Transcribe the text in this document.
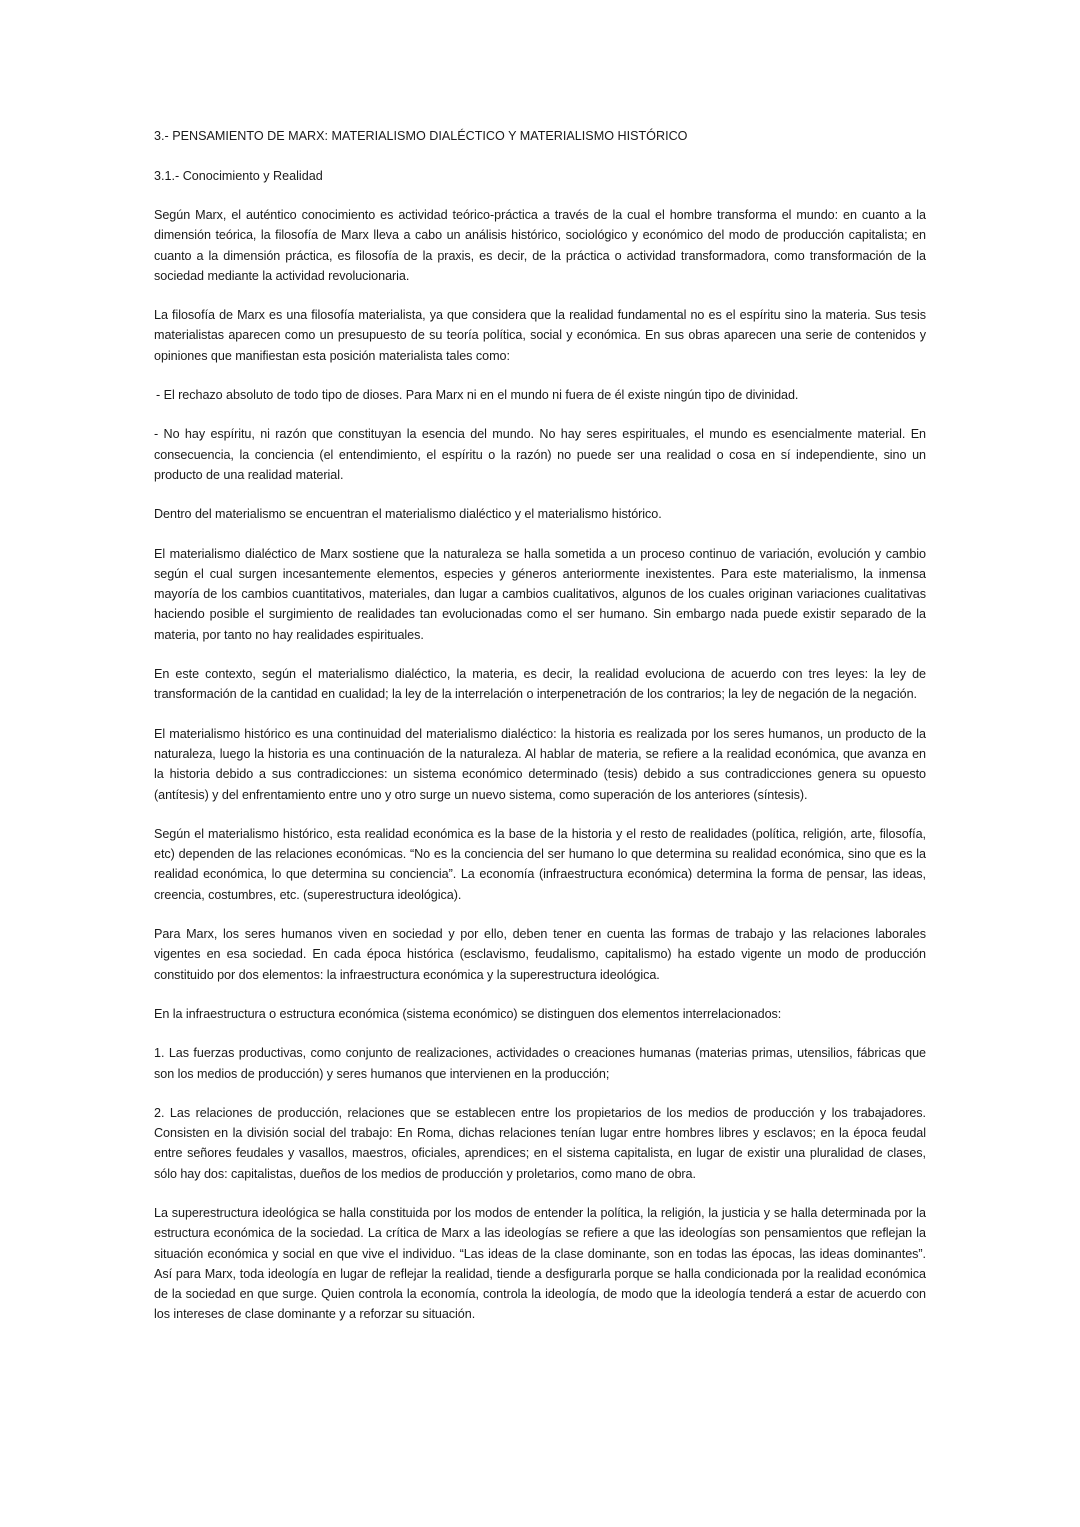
3.- PENSAMIENTO DE MARX: MATERIALISMO DIALÉCTICO Y MATERIALISMO HISTÓRICO
3.1.- Conocimiento y Realidad

Según Marx, el auténtico conocimiento es actividad teórico-práctica a través de la cual el hombre transforma el mundo: en cuanto a la dimensión teórica, la filosofía de Marx lleva a cabo un análisis histórico, sociológico y económico del modo de producción capitalista; en cuanto a la dimensión práctica, es filosofía de la praxis, es decir, de la práctica o actividad transformadora, como transformación de la sociedad mediante la actividad revolucionaria.

La filosofía de Marx es una filosofía materialista, ya que considera que la realidad fundamental no es el espíritu sino la materia. Sus tesis materialistas aparecen como un presupuesto de su teoría política, social y económica. En sus obras aparecen una serie de contenidos y opiniones que manifiestan esta posición materialista tales como:

- El rechazo absoluto de todo tipo de dioses. Para Marx ni en el mundo ni fuera de él existe ningún tipo de divinidad.

- No hay espíritu, ni razón que constituyan la esencia del mundo. No hay seres espirituales, el mundo es esencialmente material. En consecuencia, la conciencia (el entendimiento, el espíritu o la razón) no puede ser una realidad o cosa en sí independiente, sino un producto de una realidad material.

Dentro del materialismo se encuentran el materialismo dialéctico y el materialismo histórico.

El materialismo dialéctico de Marx sostiene que la naturaleza se halla sometida a un proceso continuo de variación, evolución y cambio según el cual surgen incesantemente elementos, especies y géneros anteriormente inexistentes. Para este materialismo, la inmensa mayoría de los cambios cuantitativos, materiales, dan lugar a cambios cualitativos, algunos de los cuales originan variaciones cualitativas haciendo posible el surgimiento de realidades tan evolucionadas como el ser humano. Sin embargo nada puede existir separado de la materia, por tanto no hay realidades espirituales.

En este contexto, según el materialismo dialéctico, la materia, es decir, la realidad evoluciona de acuerdo con tres leyes: la ley de transformación de la cantidad en cualidad; la ley de la interrelación o interpenetración de los contrarios; la ley de negación de la negación.

El materialismo histórico es una continuidad del materialismo dialéctico: la historia es realizada por los seres humanos, un producto de la naturaleza, luego la historia es una continuación de la naturaleza. Al hablar de materia, se refiere a la realidad económica, que avanza en la historia debido a sus contradicciones: un sistema económico determinado (tesis) debido a sus contradicciones genera su opuesto (antítesis) y del enfrentamiento entre uno y otro surge un nuevo sistema, como superación de los anteriores (síntesis).

Según el materialismo histórico, esta realidad económica es la base de la historia y el resto de realidades (política, religión, arte, filosofía, etc) dependen de las relaciones económicas. “No es la conciencia del ser humano lo que determina su realidad económica, sino que es la realidad económica, lo que determina su conciencia”. La economía (infraestructura económica) determina la forma de pensar, las ideas, creencia, costumbres, etc. (superestructura ideológica).

Para Marx, los seres humanos viven en sociedad y por ello, deben tener en cuenta las formas de trabajo y las relaciones laborales vigentes en esa sociedad. En cada época histórica (esclavismo, feudalismo, capitalismo) ha estado vigente un modo de producción constituido por dos elementos: la infraestructura económica y la superestructura ideológica.

En la infraestructura o estructura económica (sistema económico) se distinguen dos elementos interrelacionados:

1. Las fuerzas productivas, como conjunto de realizaciones, actividades o creaciones humanas (materias primas, utensilios, fábricas que son los medios de producción) y seres humanos que intervienen en la producción;

2. Las relaciones de producción, relaciones que se establecen entre los propietarios de los medios de producción y los trabajadores. Consisten en la división social del trabajo: En Roma, dichas relaciones tenían lugar entre hombres libres y esclavos; en la época feudal entre señores feudales y vasallos, maestros, oficiales, aprendices; en el sistema capitalista, en lugar de existir una pluralidad de clases, sólo hay dos: capitalistas, dueños de los medios de producción y proletarios, como mano de obra.

La superestructura ideológica se halla constituida por los modos de entender la política, la religión, la justicia y se halla determinada por la estructura económica de la sociedad. La crítica de Marx a las ideologías se refiere a que las ideologías son pensamientos que reflejan la situación económica y social en que vive el individuo. “Las ideas de la clase dominante, son en todas las épocas, las ideas dominantes”. Así para Marx, toda ideología en lugar de reflejar la realidad, tiende a desfigurarla porque se halla condicionada por la realidad económica de la sociedad en que surge. Quien controla la economía, controla la ideología, de modo que la ideología tenderá a estar de acuerdo con los intereses de clase dominante y a reforzar su situación.
